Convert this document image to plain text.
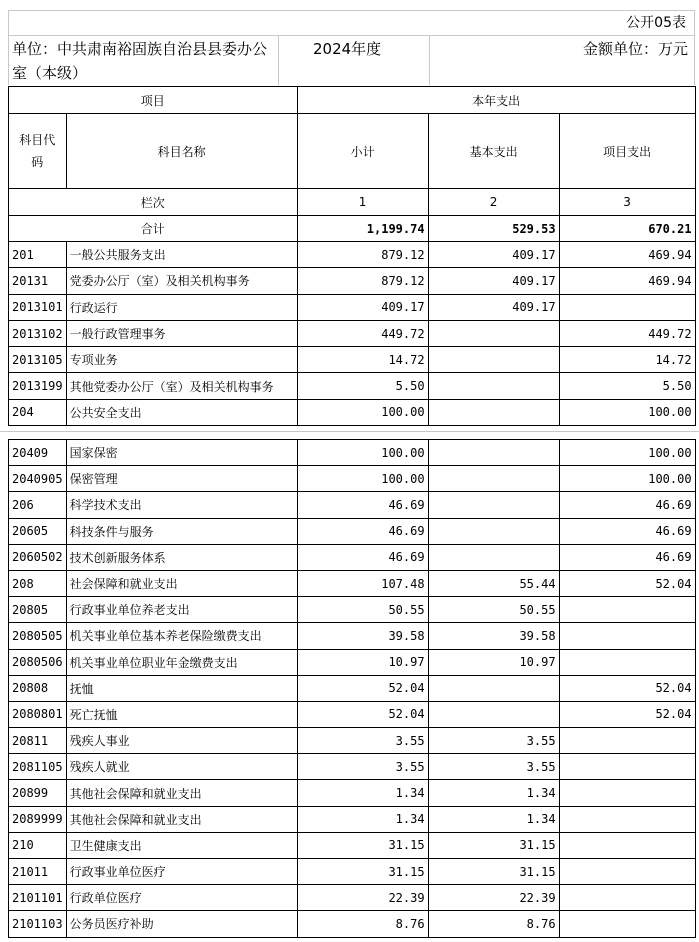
公开05表
单位：中共肃南裕固族自治县县委办公室（本级）
2024年度	金额单位：万元
项目		本年支出		
科目代码	科目名称	小计	基本支出	项目支出
栏次		1	2	3
合计		1,199.74	529.53	670.21
201	一般公共服务支出	879.12	409.17	469.94
20131	党委办公厅（室）及相关机构事务	879.12	409.17	469.94
2013101	行政运行	409.17	409.17	
2013102	一般行政管理事务	449.72		449.72
2013105	专项业务	14.72		14.72
2013199	其他党委办公厅（室）及相关机构事务	5.50		5.50
204	公共安全支出	100.00		100.00
20409	国家保密	100.00		100.00
2040905	保密管理	100.00		100.00
206	科学技术支出	46.69		46.69
20605	科技条件与服务	46.69		46.69
2060502	技术创新服务体系	46.69		46.69
208	社会保障和就业支出	107.48	55.44	52.04
20805	行政事业单位养老支出	50.55	50.55	
2080505	机关事业单位基本养老保险缴费支出	39.58	39.58	
2080506	机关事业单位职业年金缴费支出	10.97	10.97	
20808	抚恤	52.04		52.04
2080801	死亡抚恤	52.04		52.04
20811	残疾人事业	3.55	3.55	
2081105	残疾人就业	3.55	3.55	
20899	其他社会保障和就业支出	1.34	1.34	
2089999	其他社会保障和就业支出	1.34	1.34	
210	卫生健康支出	31.15	31.15	
21011	行政事业单位医疗	31.15	31.15	
2101101	行政单位医疗	22.39	22.39	
2101103	公务员医疗补助	8.76	8.76	
